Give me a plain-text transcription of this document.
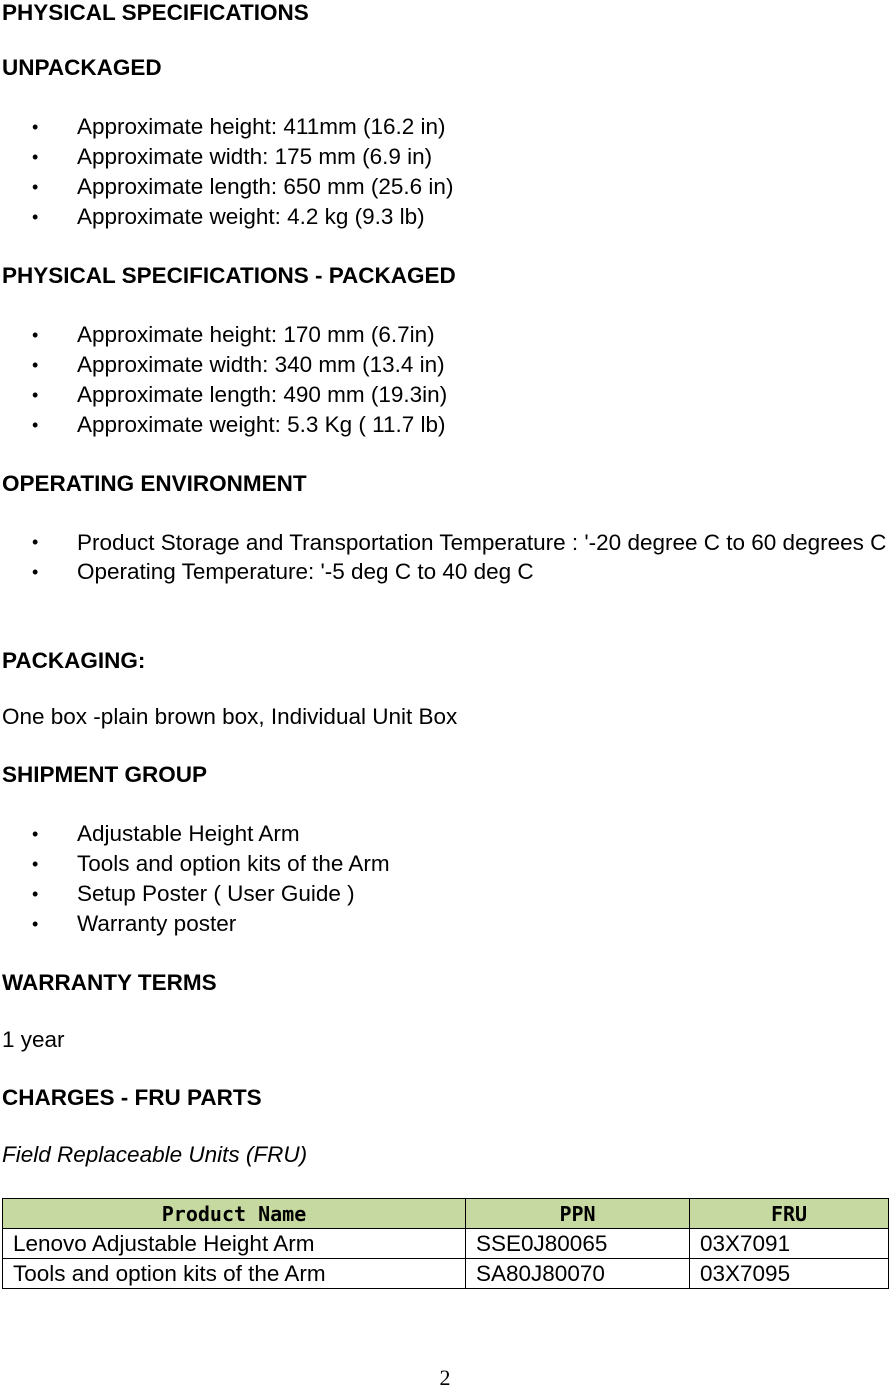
PHYSICAL SPECIFICATIONS
UNPACKAGED
• Approximate height: 411mm (16.2 in)
• Approximate width: 175 mm (6.9 in)
• Approximate length: 650 mm (25.6 in)
• Approximate weight: 4.2 kg (9.3 lb)
PHYSICAL SPECIFICATIONS - PACKAGED
• Approximate height: 170 mm (6.7in)
• Approximate width: 340 mm (13.4 in)
• Approximate length: 490 mm (19.3in)
• Approximate weight: 5.3 Kg ( 11.7 lb)
OPERATING ENVIRONMENT
• Product Storage and Transportation Temperature : '-20 degree C to 60 degrees C
• Operating Temperature: '-5 deg C to 40 deg C
PACKAGING:

One box -plain brown box, Individual Unit Box

SHIPMENT GROUP
• Adjustable Height Arm
• Tools and option kits of the Arm
• Setup Poster ( User Guide )
• Warranty poster
WARRANTY TERMS

1 year

CHARGES - FRU PARTS

Field Replaceable Units (FRU)

Product Name	PPN	FRU
Lenovo Adjustable Height Arm	SSE0J80065	03X7091
Tools and option kits of the Arm	SA80J80070	03X7095
2
